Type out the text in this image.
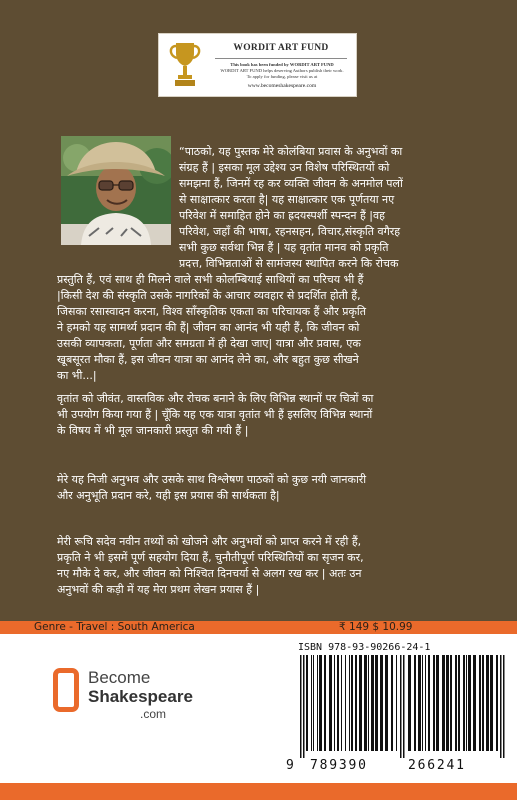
WORDIT ART FUND
This book has been funded by WORDIT ART FUND
WORDIT ART FUND helps deserving Authors publish their work.
To apply for funding, please visit us at
www.becomeshakespeare.com

“पाठको, यह पुस्तक मेरे कोलंबिया प्रवास के अनुभवों का

संग्रह हैं | इसका मूल उद्देश्य उन विशेष परिस्थितयों को

समझना हैं, जिनमें रह कर व्यक्ति जीवन के अनमोल पलों

से साक्षात्कार करता है| यह साक्षात्कार एक पूर्णतया नए

परिवेश में समाहित होने का ह्रदयस्पर्शी स्पन्दन हैं |वह

परिवेश, जहाँ की भाषा, रहनसहन, विचार,संस्कृति वगैरह

सभी कुछ सर्वथा भिन्न हैं | यह वृतांत मानव को प्रकृति

प्रदत्त, विभिन्नताओं से सामंजस्य स्थापित करने कि रोचक

प्रस्तुति हैं, एवं साथ ही मिलने वाले सभी कोलम्बियाई साथियों का परिचय भी हैं

|किसी देश की संस्कृति उसके नागरिकों के आचार व्यवहार से प्रदर्शित होती हैं,

जिसका रसास्वादन करना, विश्व साँस्कृतिक एकता का परिचायक हैं और प्रकृति

ने हमको यह सामर्थ्य प्रदान की हैं| जीवन का आनंद भी यही हैं, कि जीवन को

उसकी व्यापकता, पूर्णता और समग्रता में ही देखा जाए| यात्रा और प्रवास, एक

खूबसूरत मौका हैं, इस जीवन यात्रा का आनंद लेने का, और बहुत कुछ सीखने

का भी...|

वृतांत को जीवंत, वास्तविक और रोचक बनाने के लिए विभिन्न स्थानों पर चित्रों का

भी उपयोग किया गया हैं | चूँकि यह एक यात्रा वृतांत भी हैं इसलिए विभिन्न स्थानों

के विषय में भी मूल जानकारी प्रस्तुत की गयी हैं |

मेरे यह निजी अनुभव और उसके साथ विश्लेषण पाठकों को कुछ नयी जानकारी

और अनुभूति प्रदान करे, यही इस प्रयास की सार्थकता है|

मेरी रूचि सदेव नवीन तथ्यों को खोजने और अनुभवों को प्राप्त करने में रही हैं,

प्रकृति ने भी इसमें पूर्ण सहयोग दिया हैं, चुनौतीपूर्ण परिस्थितियों का सृजन कर,

नए मौके दे कर, और जीवन को निश्चित दिनचर्या से अलग रख कर | अतः उन

अनुभवों की कड़ी में यह मेरा प्रथम लेखन प्रयास हैं |

Genre - Travel : South America	₹ 149 $ 10.99
Become
Shakespeare
.com
ISBN 978-93-90266-24-1
9 789390	266241
